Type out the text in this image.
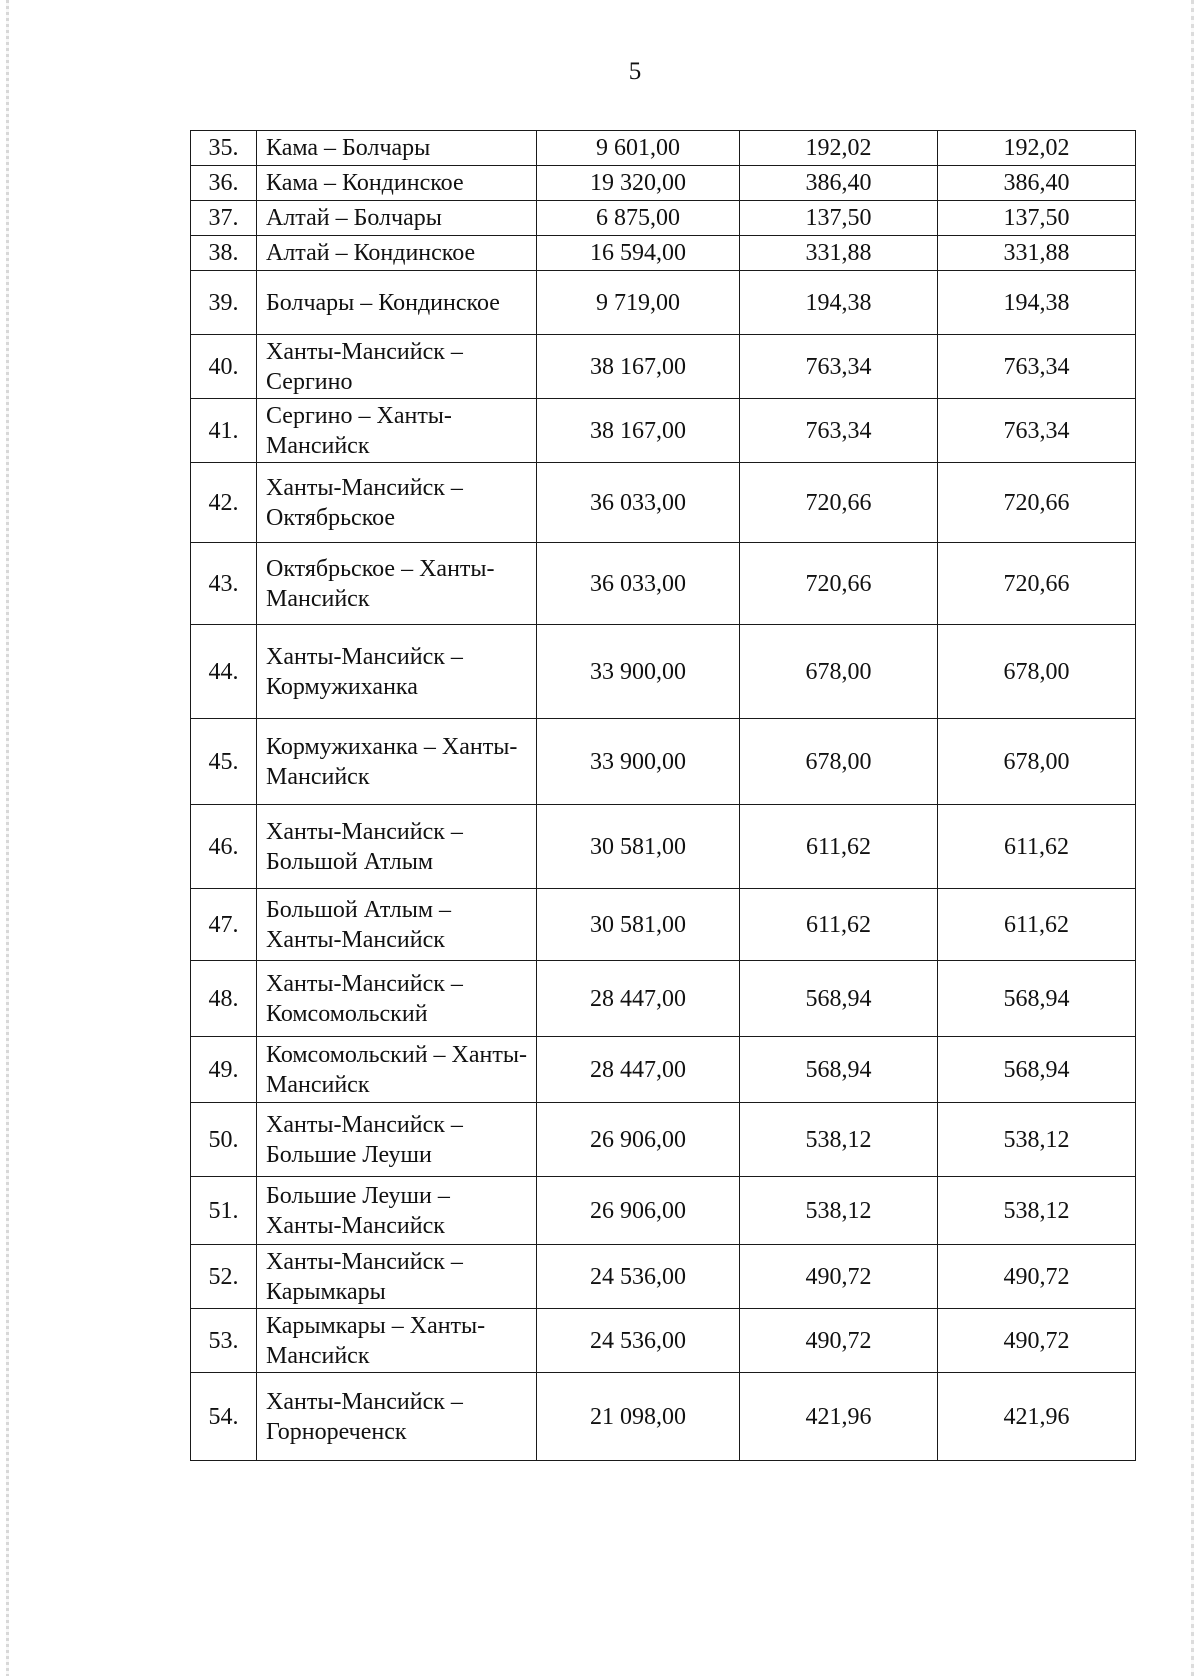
5
35.	Кама – Болчары	9 601,00	192,02	192,02
36.	Кама – Кондинское	19 320,00	386,40	386,40
37.	Алтай – Болчары	6 875,00	137,50	137,50
38.	Алтай – Кондинское	16 594,00	331,88	331,88
39.	Болчары – Кондинское	9 719,00	194,38	194,38
40.	Ханты-Мансийск – Сергино	38 167,00	763,34	763,34
41.	Сергино – Ханты-Мансийск	38 167,00	763,34	763,34
42.	Ханты-Мансийск – Октябрьское	36 033,00	720,66	720,66
43.	Октябрьское – Ханты-Мансийск	36 033,00	720,66	720,66
44.	Ханты-Мансийск – Кормужиханка	33 900,00	678,00	678,00
45.	Кормужиханка – Ханты-Мансийск	33 900,00	678,00	678,00
46.	Ханты-Мансийск – Большой Атлым	30 581,00	611,62	611,62
47.	Большой Атлым – Ханты-Мансийск	30 581,00	611,62	611,62
48.	Ханты-Мансийск – Комсомольский	28 447,00	568,94	568,94
49.	Комсомольский – Ханты-Мансийск	28 447,00	568,94	568,94
50.	Ханты-Мансийск – Большие Леуши	26 906,00	538,12	538,12
51.	Большие Леуши – Ханты-Мансийск	26 906,00	538,12	538,12
52.	Ханты-Мансийск – Карымкары	24 536,00	490,72	490,72
53.	Карымкары – Ханты-Мансийск	24 536,00	490,72	490,72
54.	Ханты-Мансийск – Горнореченск	21 098,00	421,96	421,96
